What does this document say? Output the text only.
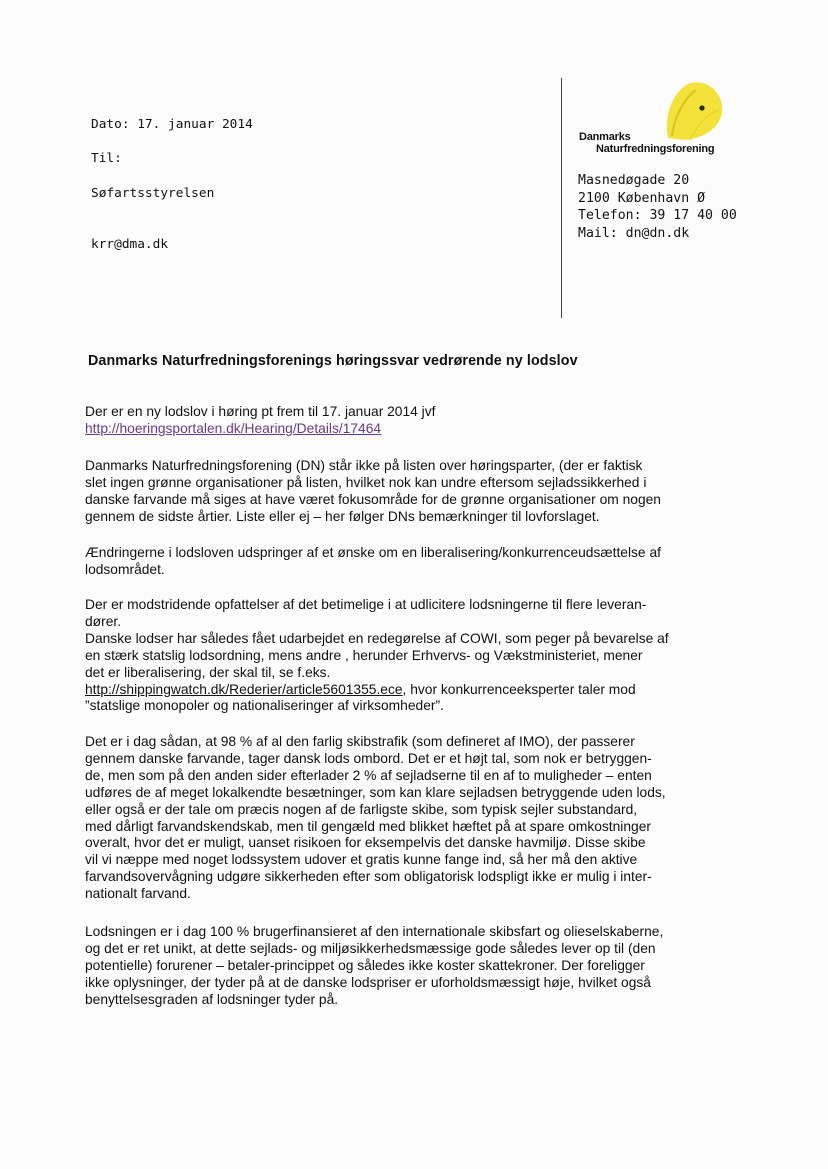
Dato: 17. januar 2014
Til:
Søfartsstyrelsen
krr@dma.dk
Danmarks
Naturfredningsforening
Masnedøgade 20
2100 København Ø
Telefon: 39 17 40 00
Mail: dn@dn.dk
Danmarks Naturfredningsforenings høringssvar vedrørende ny lodslov
Der er en ny lodslov i høring pt frem til 17. januar 2014 jvf
http://hoeringsportalen.dk/Hearing/Details/17464
Danmarks Naturfredningsforening (DN) står ikke på listen over høringsparter, (der er faktisk
slet ingen grønne organisationer på listen, hvilket nok kan undre eftersom sejladssikkerhed i
danske farvande må siges at have været fokusområde for de grønne organisationer om nogen
gennem de sidste årtier. Liste eller ej – her følger DNs bemærkninger til lovforslaget.
Ændringerne i lodsloven udspringer af et ønske om en liberalisering/konkurrenceudsættelse af
lodsområdet.
Der er modstridende opfattelser af det betimelige i at udlicitere lodsningerne til flere leveran-
dører.
Danske lodser har således fået udarbejdet en redegørelse af COWI, som peger på bevarelse af
en stærk statslig lodsordning, mens andre , herunder Erhvervs- og Vækstministeriet, mener
det er liberalisering, der skal til, se f.eks.
http://shippingwatch.dk/Rederier/article5601355.ece, hvor konkurrenceeksperter taler mod
”statslige monopoler og nationaliseringer af virksomheder”.
Det er i dag sådan, at 98 % af al den farlig skibstrafik (som defineret af IMO), der passerer
gennem danske farvande, tager dansk lods ombord. Det er et højt tal, som nok er betryggen-
de, men som på den anden sider efterlader 2 % af sejladserne til en af to muligheder – enten
udføres de af meget lokalkendte besætninger, som kan klare sejladsen betryggende uden lods,
eller også er der tale om præcis nogen af de farligste skibe, som typisk sejler substandard,
med dårligt farvandskendskab, men til gengæld med blikket hæftet på at spare omkostninger
overalt, hvor det er muligt, uanset risikoen for eksempelvis det danske havmiljø. Disse skibe
vil vi næppe med noget lodssystem udover et gratis kunne fange ind, så her må den aktive
farvandsovervågning udgøre sikkerheden efter som obligatorisk lodspligt ikke er mulig i inter-
nationalt farvand.
Lodsningen er i dag 100 % brugerfinansieret af den internationale skibsfart og olieselskaberne,
og det er ret unikt, at dette sejlads- og miljøsikkerhedsmæssige gode således lever op til (den
potentielle) forurener – betaler-princippet og således ikke koster skattekroner. Der foreligger
ikke oplysninger, der tyder på at de danske lodspriser er uforholdsmæssigt høje, hvilket også
benyttelsesgraden af lodsninger tyder på.
